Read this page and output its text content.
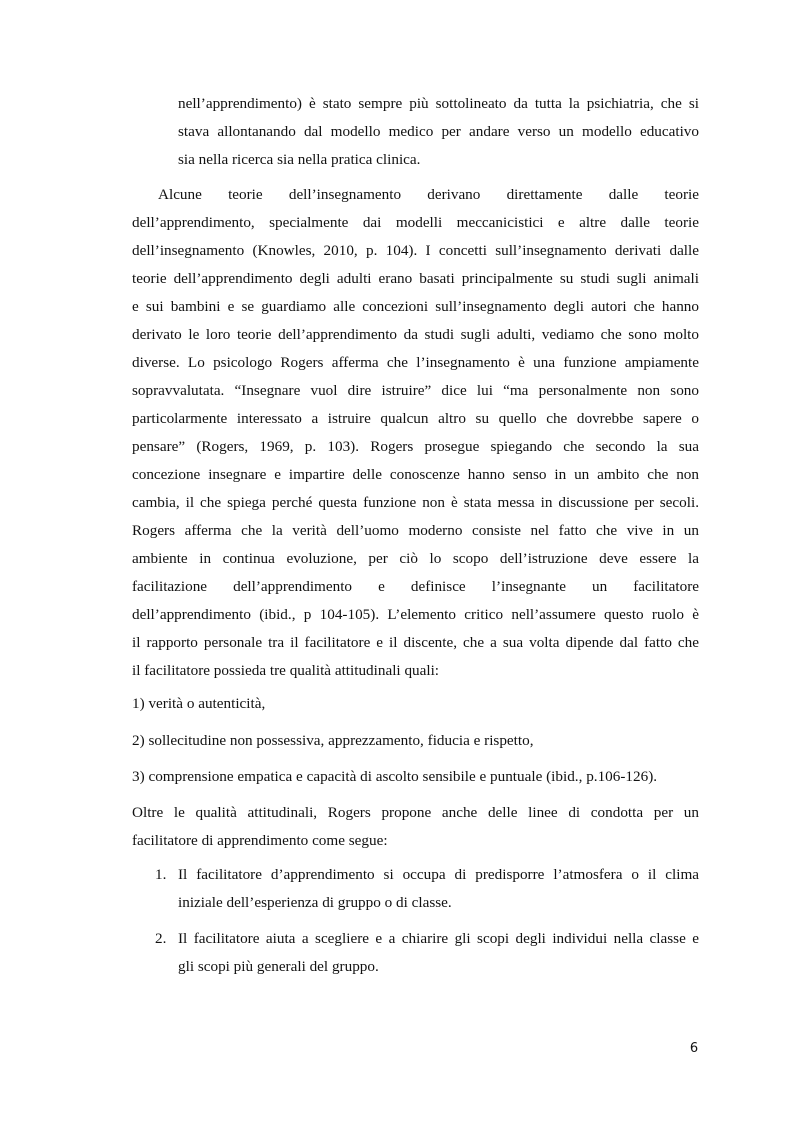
nell’apprendimento) è stato sempre più sottolineato da tutta la psichiatria, che si
stava allontanando dal modello medico per andare verso un modello educativo
sia nella ricerca sia nella pratica clinica.
Alcune teorie dell’insegnamento derivano direttamente dalle teorie
dell’apprendimento, specialmente dai modelli meccanicistici e altre dalle teorie
dell’insegnamento (Knowles, 2010, p. 104). I concetti sull’insegnamento derivati dalle
teorie dell’apprendimento degli adulti erano basati principalmente su studi sugli animali
e sui bambini e se guardiamo alle concezioni sull’insegnamento degli autori che hanno
derivato le loro teorie dell’apprendimento da studi sugli adulti, vediamo che sono molto
diverse. Lo psicologo Rogers afferma che l’insegnamento è una funzione ampiamente
sopravvalutata. “Insegnare vuol dire istruire” dice lui “ma personalmente non sono
particolarmente interessato a istruire qualcun altro su quello che dovrebbe sapere o
pensare” (Rogers, 1969, p. 103). Rogers prosegue spiegando che secondo la sua
concezione insegnare e impartire delle conoscenze hanno senso in un ambito che non
cambia, il che spiega perché questa funzione non è stata messa in discussione per secoli.
Rogers afferma che la verità dell’uomo moderno consiste nel fatto che vive in un
ambiente in continua evoluzione, per ciò lo scopo dell’istruzione deve essere la
facilitazione dell’apprendimento e definisce l’insegnante un facilitatore
dell’apprendimento (ibid., p 104-105). L’elemento critico nell’assumere questo ruolo è
il rapporto personale tra il facilitatore e il discente, che a sua volta dipende dal fatto che
il facilitatore possieda tre qualità attitudinali quali:
1) verità o autenticità,
2) sollecitudine non possessiva, apprezzamento, fiducia e rispetto,
3) comprensione empatica e capacità di ascolto sensibile e puntuale (ibid., p.106-126).
Oltre le qualità attitudinali, Rogers propone anche delle linee di condotta per un
facilitatore di apprendimento come segue:
1. Il facilitatore d’apprendimento si occupa di predisporre l’atmosfera o il clima
iniziale dell’esperienza di gruppo o di classe.
2. Il facilitatore aiuta a scegliere e a chiarire gli scopi degli individui nella classe e
gli scopi più generali del gruppo.
6
